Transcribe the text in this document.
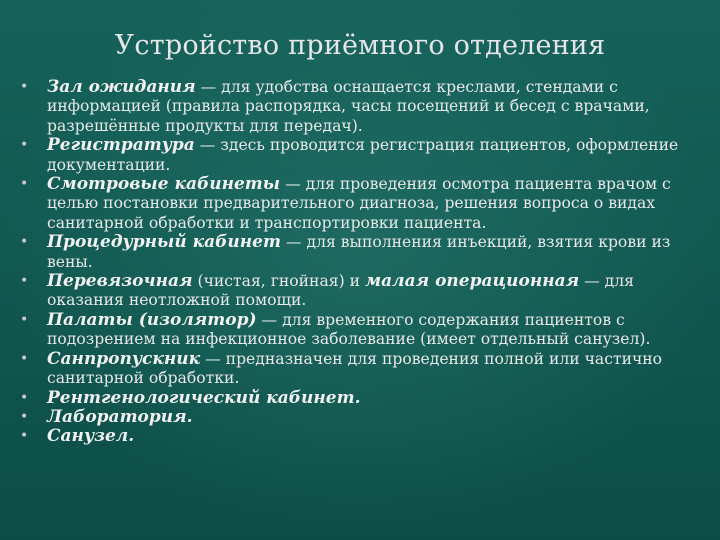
Устройство приёмного отделения
• Зал ожидания — для удобства оснащается креслами, стендами с информацией (правила распорядка, часы посещений и бесед с врачами, разрешённые продукты для передач).
• Регистратура — здесь проводится регистрация пациентов, оформление документации.
• Смотровые кабинеты — для проведения осмотра пациента врачом с целью постановки предварительного диагноза, решения вопроса о видах санитарной обработки и транспортировки пациента.
• Процедурный кабинет — для выполнения инъекций, взятия крови из вены.
• Перевязочная (чистая, гнойная) и малая операционная — для оказания неотложной помощи.
• Палаты (изолятор) — для временного содержания пациентов с подозрением на инфекционное заболевание (имеет отдельный санузел).
• Санпропускник — предназначен для проведения полной или частично санитарной обработки.
• Рентгенологический кабинет.
• Лаборатория.
• Санузел.
